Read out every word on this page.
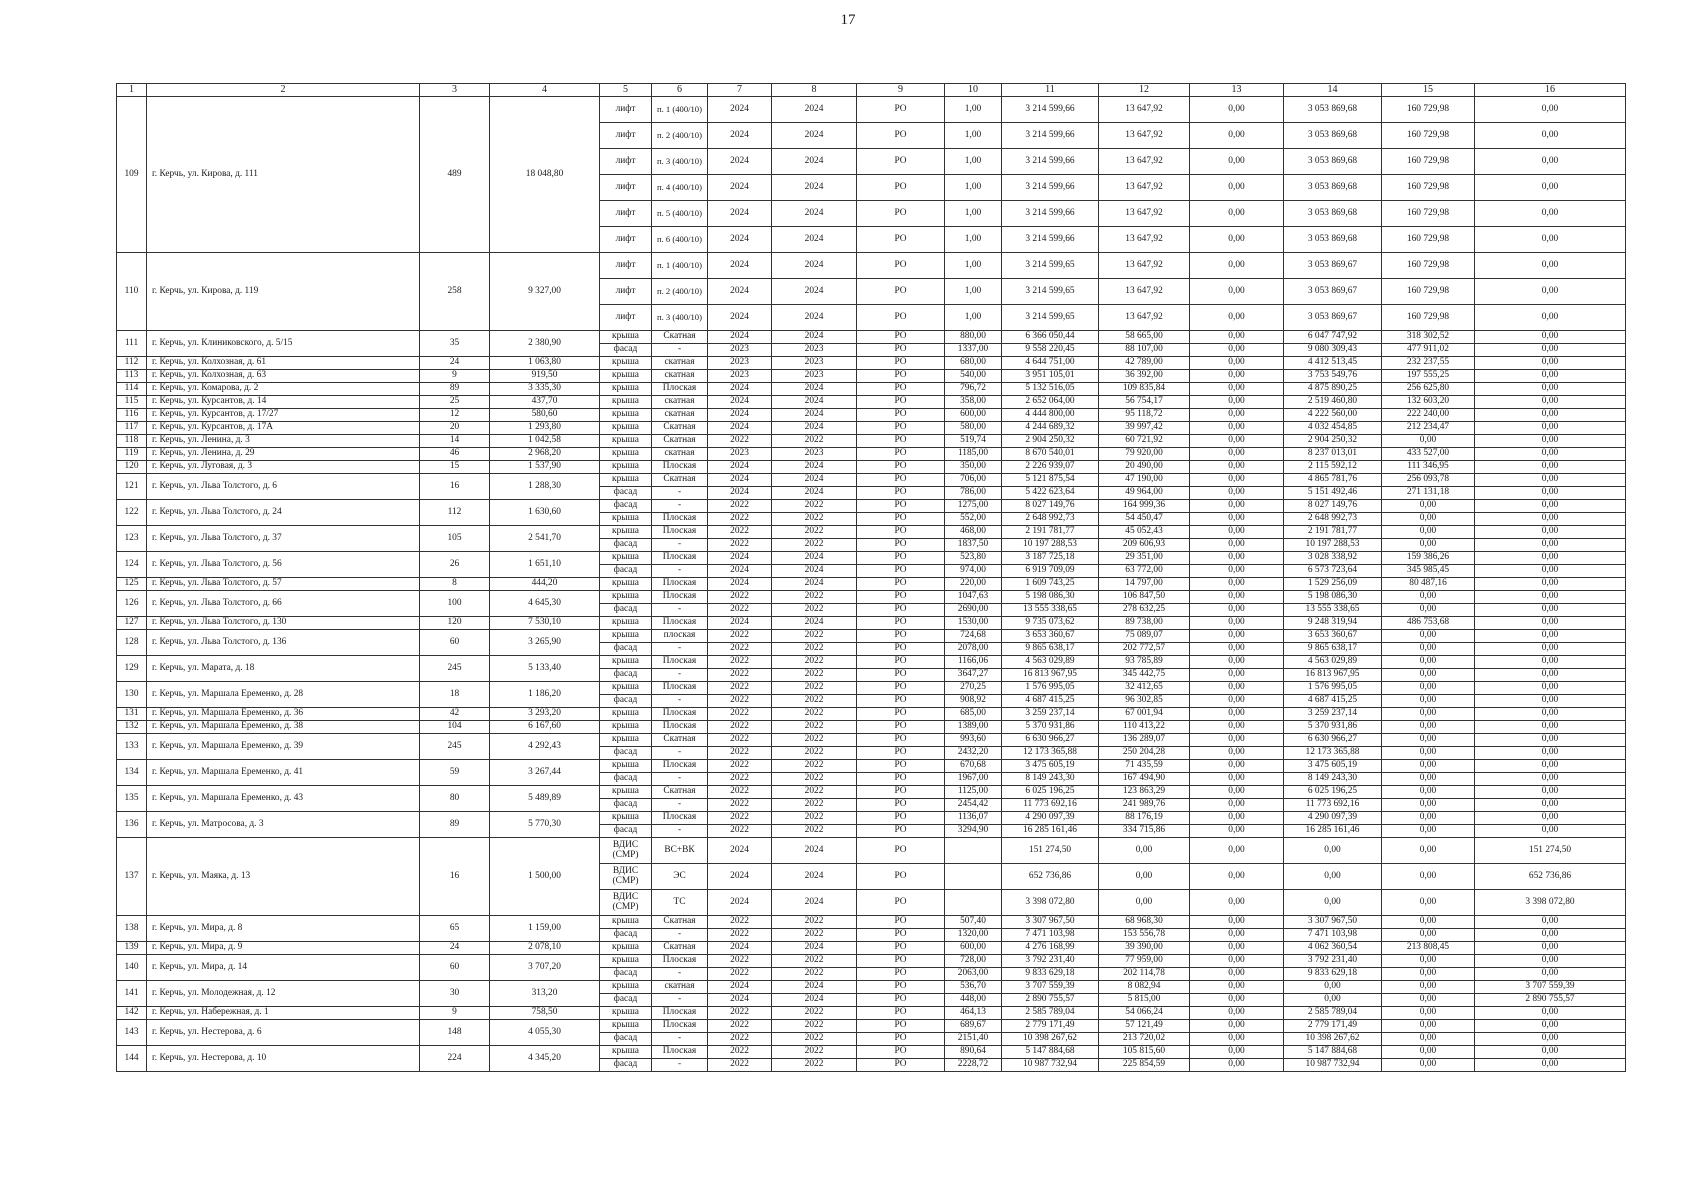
17
1	2	3	4	5	6	7	8	9	10	11	12	13	14	15	16
109	г. Керчь, ул. Кирова, д. 111	489	18 048,80	лифт	п. 1 (400/10)	2024	2024	РО	1,00	3 214 599,66	13 647,92	0,00	3 053 869,68	160 729,98	0,00
				лифт	п. 2 (400/10)	2024	2024	РО	1,00	3 214 599,66	13 647,92	0,00	3 053 869,68	160 729,98	0,00
				лифт	п. 3 (400/10)	2024	2024	РО	1,00	3 214 599,66	13 647,92	0,00	3 053 869,68	160 729,98	0,00
				лифт	п. 4 (400/10)	2024	2024	РО	1,00	3 214 599,66	13 647,92	0,00	3 053 869,68	160 729,98	0,00
				лифт	п. 5 (400/10)	2024	2024	РО	1,00	3 214 599,66	13 647,92	0,00	3 053 869,68	160 729,98	0,00
				лифт	п. 6 (400/10)	2024	2024	РО	1,00	3 214 599,66	13 647,92	0,00	3 053 869,68	160 729,98	0,00
110	г. Керчь, ул. Кирова, д. 119	258	9 327,00	лифт	п. 1 (400/10)	2024	2024	РО	1,00	3 214 599,65	13 647,92	0,00	3 053 869,67	160 729,98	0,00
				лифт	п. 2 (400/10)	2024	2024	РО	1,00	3 214 599,65	13 647,92	0,00	3 053 869,67	160 729,98	0,00
				лифт	п. 3 (400/10)	2024	2024	РО	1,00	3 214 599,65	13 647,92	0,00	3 053 869,67	160 729,98	0,00
111	г. Керчь, ул. Клиниковского, д. 5/15	35	2 380,90	крыша	Скатная	2024	2024	РО	880,00	6 366 050,44	58 665,00	0,00	6 047 747,92	318 302,52	0,00
				фасад	-	2023	2023	РО	1337,00	9 558 220,45	88 107,00	0,00	9 080 309,43	477 911,02	0,00
112	г. Керчь, ул. Колхозная, д. 61	24	1 063,80	крыша	скатная	2023	2023	РО	680,00	4 644 751,00	42 789,00	0,00	4 412 513,45	232 237,55	0,00
113	г. Керчь, ул. Колхозная, д. 63	9	919,50	крыша	скатная	2023	2023	РО	540,00	3 951 105,01	36 392,00	0,00	3 753 549,76	197 555,25	0,00
114	г. Керчь, ул. Комарова, д. 2	89	3 335,30	крыша	Плоская	2024	2024	РО	796,72	5 132 516,05	109 835,84	0,00	4 875 890,25	256 625,80	0,00
115	г. Керчь, ул. Курсантов, д. 14	25	437,70	крыша	скатная	2024	2024	РО	358,00	2 652 064,00	56 754,17	0,00	2 519 460,80	132 603,20	0,00
116	г. Керчь, ул. Курсантов, д. 17/27	12	580,60	крыша	скатная	2024	2024	РО	600,00	4 444 800,00	95 118,72	0,00	4 222 560,00	222 240,00	0,00
117	г. Керчь, ул. Курсантов, д. 17А	20	1 293,80	крыша	Скатная	2024	2024	РО	580,00	4 244 689,32	39 997,42	0,00	4 032 454,85	212 234,47	0,00
118	г. Керчь, ул. Ленина, д. 3	14	1 042,58	крыша	Скатная	2022	2022	РО	519,74	2 904 250,32	60 721,92	0,00	2 904 250,32	0,00	0,00
119	г. Керчь, ул. Ленина, д. 29	46	2 968,20	крыша	скатная	2023	2023	РО	1185,00	8 670 540,01	79 920,00	0,00	8 237 013,01	433 527,00	0,00
120	г. Керчь, ул. Луговая, д. 3	15	1 537,90	крыша	Плоская	2024	2024	РО	350,00	2 226 939,07	20 490,00	0,00	2 115 592,12	111 346,95	0,00
121	г. Керчь, ул. Льва Толстого, д. 6	16	1 288,30	крыша	Скатная	2024	2024	РО	706,00	5 121 875,54	47 190,00	0,00	4 865 781,76	256 093,78	0,00
				фасад	-	2024	2024	РО	786,00	5 422 623,64	49 964,00	0,00	5 151 492,46	271 131,18	0,00
122	г. Керчь, ул. Льва Толстого, д. 24	112	1 630,60	фасад	-	2022	2022	РО	1275,00	8 027 149,76	164 999,36	0,00	8 027 149,76	0,00	0,00
				крыша	Плоская	2022	2022	РО	552,00	2 648 992,73	54 450,47	0,00	2 648 992,73	0,00	0,00
123	г. Керчь, ул. Льва Толстого, д. 37	105	2 541,70	крыша	Плоская	2022	2022	РО	468,00	2 191 781,77	45 052,43	0,00	2 191 781,77	0,00	0,00
				фасад	-	2022	2022	РО	1837,50	10 197 288,53	209 606,93	0,00	10 197 288,53	0,00	0,00
124	г. Керчь, ул. Льва Толстого, д. 56	26	1 651,10	крыша	Плоская	2024	2024	РО	523,80	3 187 725,18	29 351,00	0,00	3 028 338,92	159 386,26	0,00
				фасад	-	2024	2024	РО	974,00	6 919 709,09	63 772,00	0,00	6 573 723,64	345 985,45	0,00
125	г. Керчь, ул. Льва Толстого, д. 57	8	444,20	крыша	Плоская	2024	2024	РО	220,00	1 609 743,25	14 797,00	0,00	1 529 256,09	80 487,16	0,00
126	г. Керчь, ул. Льва Толстого, д. 66	100	4 645,30	крыша	Плоская	2022	2022	РО	1047,63	5 198 086,30	106 847,50	0,00	5 198 086,30	0,00	0,00
				фасад	-	2022	2022	РО	2690,00	13 555 338,65	278 632,25	0,00	13 555 338,65	0,00	0,00
127	г. Керчь, ул. Льва Толстого, д. 130	120	7 530,10	крыша	Плоская	2024	2024	РО	1530,00	9 735 073,62	89 738,00	0,00	9 248 319,94	486 753,68	0,00
128	г. Керчь, ул. Льва Толстого, д. 136	60	3 265,90	крыша	плоская	2022	2022	РО	724,68	3 653 360,67	75 089,07	0,00	3 653 360,67	0,00	0,00
				фасад	-	2022	2022	РО	2078,00	9 865 638,17	202 772,57	0,00	9 865 638,17	0,00	0,00
129	г. Керчь, ул. Марата, д. 18	245	5 133,40	крыша	Плоская	2022	2022	РО	1166,06	4 563 029,89	93 785,89	0,00	4 563 029,89	0,00	0,00
				фасад	-	2022	2022	РО	3647,27	16 813 967,95	345 442,75	0,00	16 813 967,95	0,00	0,00
130	г. Керчь, ул. Маршала Еременко, д. 28	18	1 186,20	крыша	Плоская	2022	2022	РО	270,25	1 576 995,05	32 412,65	0,00	1 576 995,05	0,00	0,00
				фасад	-	2022	2022	РО	908,92	4 687 415,25	96 302,85	0,00	4 687 415,25	0,00	0,00
131	г. Керчь, ул. Маршала Еременко, д. 36	42	3 293,20	крыша	Плоская	2022	2022	РО	685,00	3 259 237,14	67 001,94	0,00	3 259 237,14	0,00	0,00
132	г. Керчь, ул. Маршала Еременко, д. 38	104	6 167,60	крыша	Плоская	2022	2022	РО	1389,00	5 370 931,86	110 413,22	0,00	5 370 931,86	0,00	0,00
133	г. Керчь, ул. Маршала Еременко, д. 39	245	4 292,43	крыша	Скатная	2022	2022	РО	993,60	6 630 966,27	136 289,07	0,00	6 630 966,27	0,00	0,00
				фасад	-	2022	2022	РО	2432,20	12 173 365,88	250 204,28	0,00	12 173 365,88	0,00	0,00
134	г. Керчь, ул. Маршала Еременко, д. 41	59	3 267,44	крыша	Плоская	2022	2022	РО	670,68	3 475 605,19	71 435,59	0,00	3 475 605,19	0,00	0,00
				фасад	-	2022	2022	РО	1967,00	8 149 243,30	167 494,90	0,00	8 149 243,30	0,00	0,00
135	г. Керчь, ул. Маршала Еременко, д. 43	80	5 489,89	крыша	Скатная	2022	2022	РО	1125,00	6 025 196,25	123 863,29	0,00	6 025 196,25	0,00	0,00
				фасад	-	2022	2022	РО	2454,42	11 773 692,16	241 989,76	0,00	11 773 692,16	0,00	0,00
136	г. Керчь, ул. Матросова, д. 3	89	5 770,30	крыша	Плоская	2022	2022	РО	1136,07	4 290 097,39	88 176,19	0,00	4 290 097,39	0,00	0,00
				фасад	-	2022	2022	РО	3294,90	16 285 161,46	334 715,86	0,00	16 285 161,46	0,00	0,00
137	г. Керчь, ул. Маяка, д. 13	16	1 500,00	ВДИС (СМР)	ВС+ВК	2024	2024	РО		151 274,50	0,00	0,00	0,00	0,00	151 274,50
				ВДИС (СМР)	ЭС	2024	2024	РО		652 736,86	0,00	0,00	0,00	0,00	652 736,86
				ВДИС (СМР)	ТС	2024	2024	РО		3 398 072,80	0,00	0,00	0,00	0,00	3 398 072,80
138	г. Керчь, ул. Мира, д. 8	65	1 159,00	крыша	Скатная	2022	2022	РО	507,40	3 307 967,50	68 968,30	0,00	3 307 967,50	0,00	0,00
				фасад	-	2022	2022	РО	1320,00	7 471 103,98	153 556,78	0,00	7 471 103,98	0,00	0,00
139	г. Керчь, ул. Мира, д. 9	24	2 078,10	крыша	Скатная	2024	2024	РО	600,00	4 276 168,99	39 390,00	0,00	4 062 360,54	213 808,45	0,00
140	г. Керчь, ул. Мира, д. 14	60	3 707,20	крыша	Плоская	2022	2022	РО	728,00	3 792 231,40	77 959,00	0,00	3 792 231,40	0,00	0,00
				фасад	-	2022	2022	РО	2063,00	9 833 629,18	202 114,78	0,00	9 833 629,18	0,00	0,00
141	г. Керчь, ул. Молодежная, д. 12	30	313,20	крыша	скатная	2024	2024	РО	536,70	3 707 559,39	8 082,94	0,00	0,00	0,00	3 707 559,39
				фасад	-	2024	2024	РО	448,00	2 890 755,57	5 815,00	0,00	0,00	0,00	2 890 755,57
142	г. Керчь, ул. Набережная, д. 1	9	758,50	крыша	Плоская	2022	2022	РО	464,13	2 585 789,04	54 066,24	0,00	2 585 789,04	0,00	0,00
143	г. Керчь, ул. Нестерова, д. 6	148	4 055,30	крыша	Плоская	2022	2022	РО	689,67	2 779 171,49	57 121,49	0,00	2 779 171,49	0,00	0,00
				фасад	-	2022	2022	РО	2151,40	10 398 267,62	213 720,02	0,00	10 398 267,62	0,00	0,00
144	г. Керчь, ул. Нестерова, д. 10	224	4 345,20	крыша	Плоская	2022	2022	РО	890,64	5 147 884,68	105 815,60	0,00	5 147 884,68	0,00	0,00
				фасад	-	2022	2022	РО	2228,72	10 987 732,94	225 854,59	0,00	10 987 732,94	0,00	0,00
